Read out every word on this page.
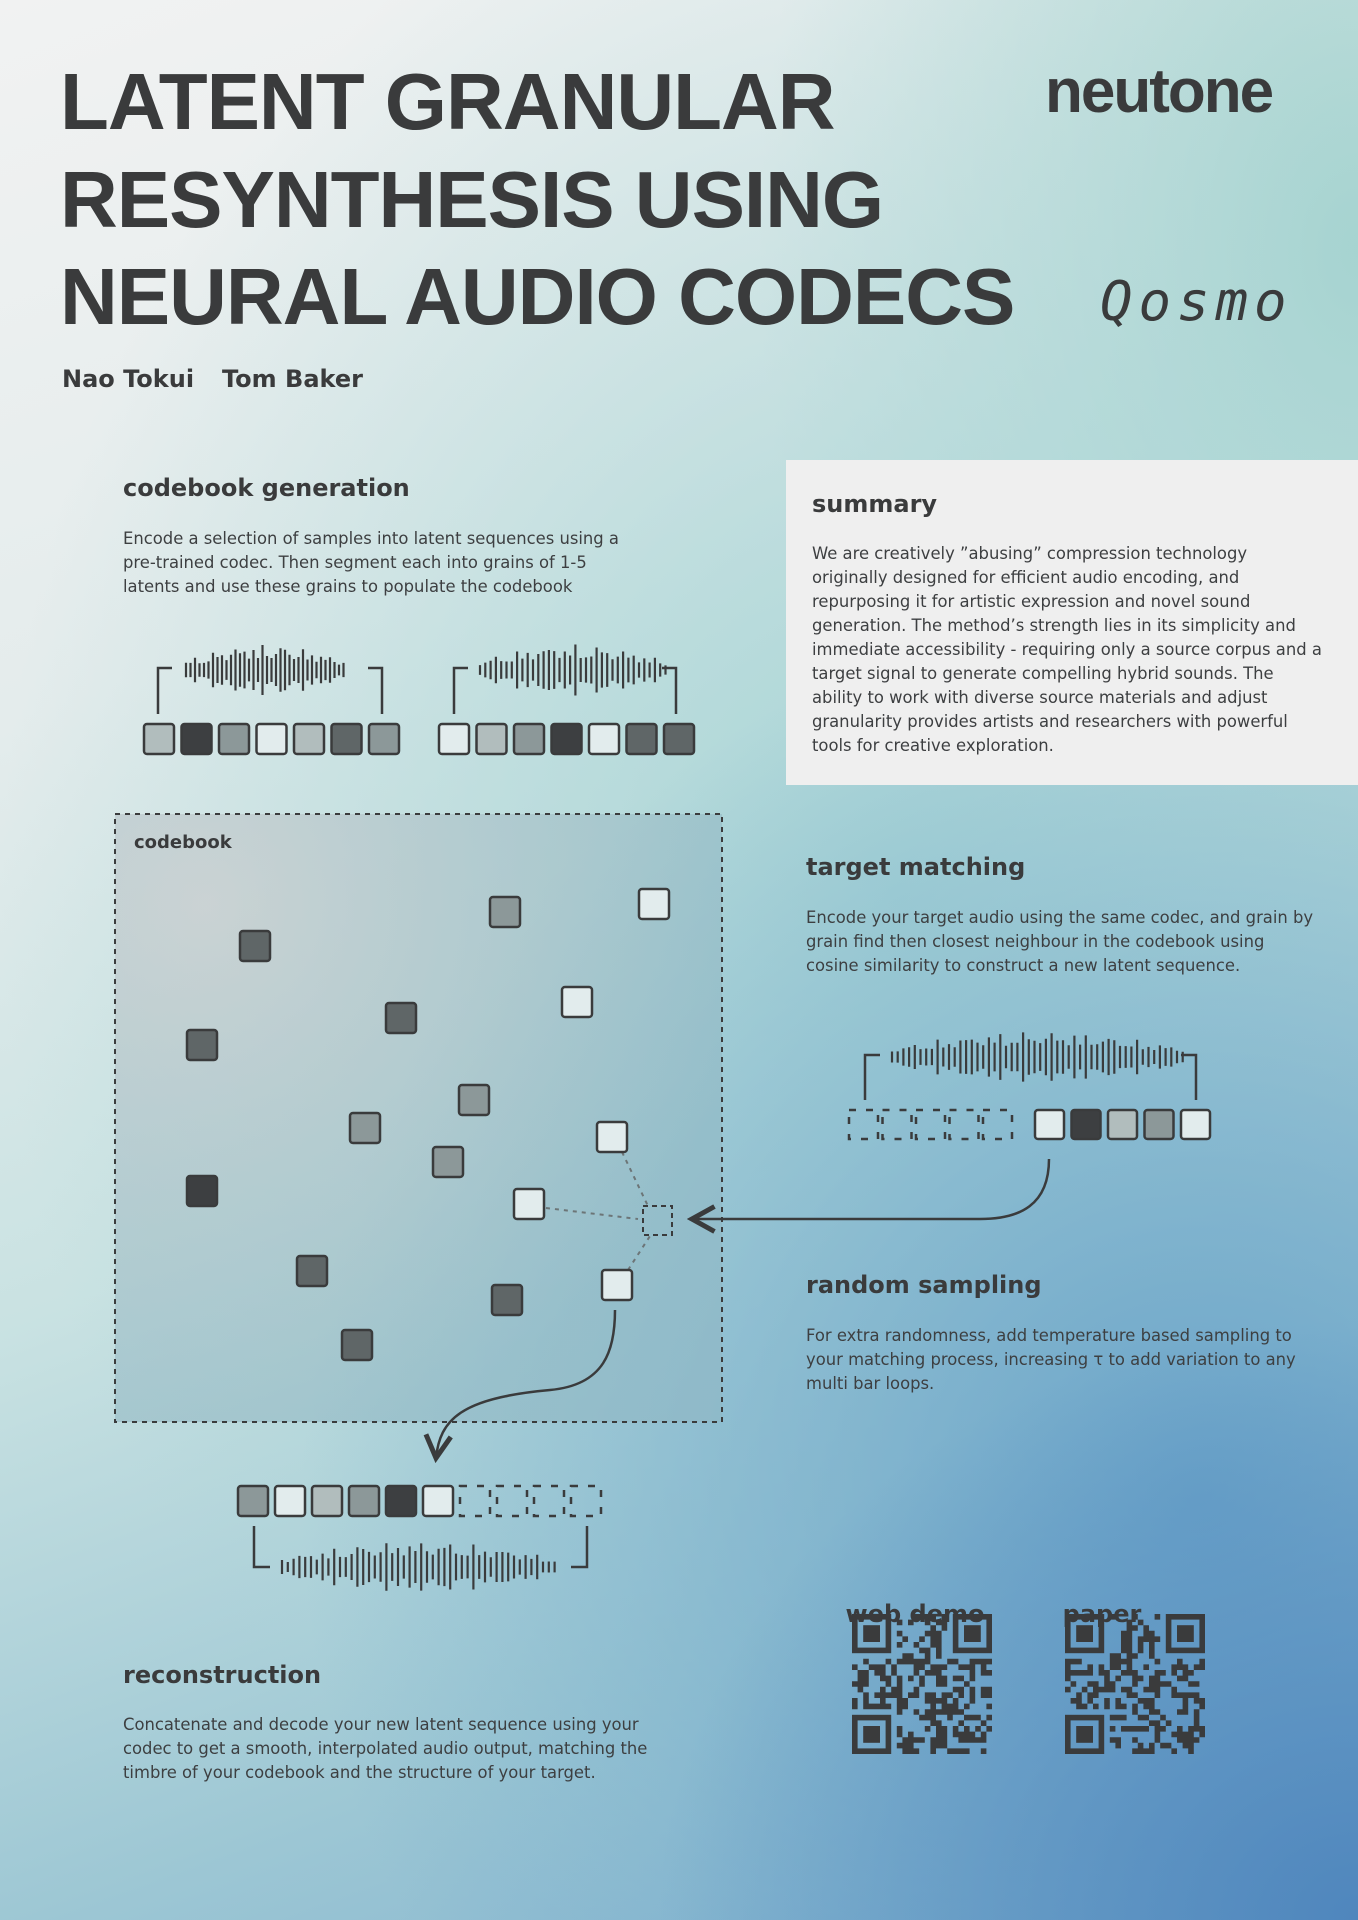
LATENT GRANULAR
RESYNTHESIS USING
NEURAL AUDIO CODECS
Nao Tokui Tom Baker
neutone
Qosmo
codebook generation
Encode a selection of samples into latent sequences using a pre-trained codec. Then segment each into grains of 1-5 latents and use these grains to populate the codebook
summary
We are creatively ”abusing” compression technology originally designed for efficient audio encoding, and repurposing it for artistic expression and novel sound generation. The method’s strength lies in its simplicity and immediate accessibility - requiring only a source corpus and a target signal to generate compelling hybrid sounds. The ability to work with diverse source materials and adjust granularity provides artists and researchers with powerful tools for creative exploration.
target matching
Encode your target audio using the same codec, and grain by grain find then closest neighbour in the codebook using cosine similarity to construct a new latent sequence.
random sampling
For extra randomness, add temperature based sampling to your matching process, increasing τ to add variation to any multi bar loops.
reconstruction
Concatenate and decode your new latent sequence using your codec to get a smooth, interpolated audio output, matching the timbre of your codebook and the structure of your target.
web demo	paper
codebook
